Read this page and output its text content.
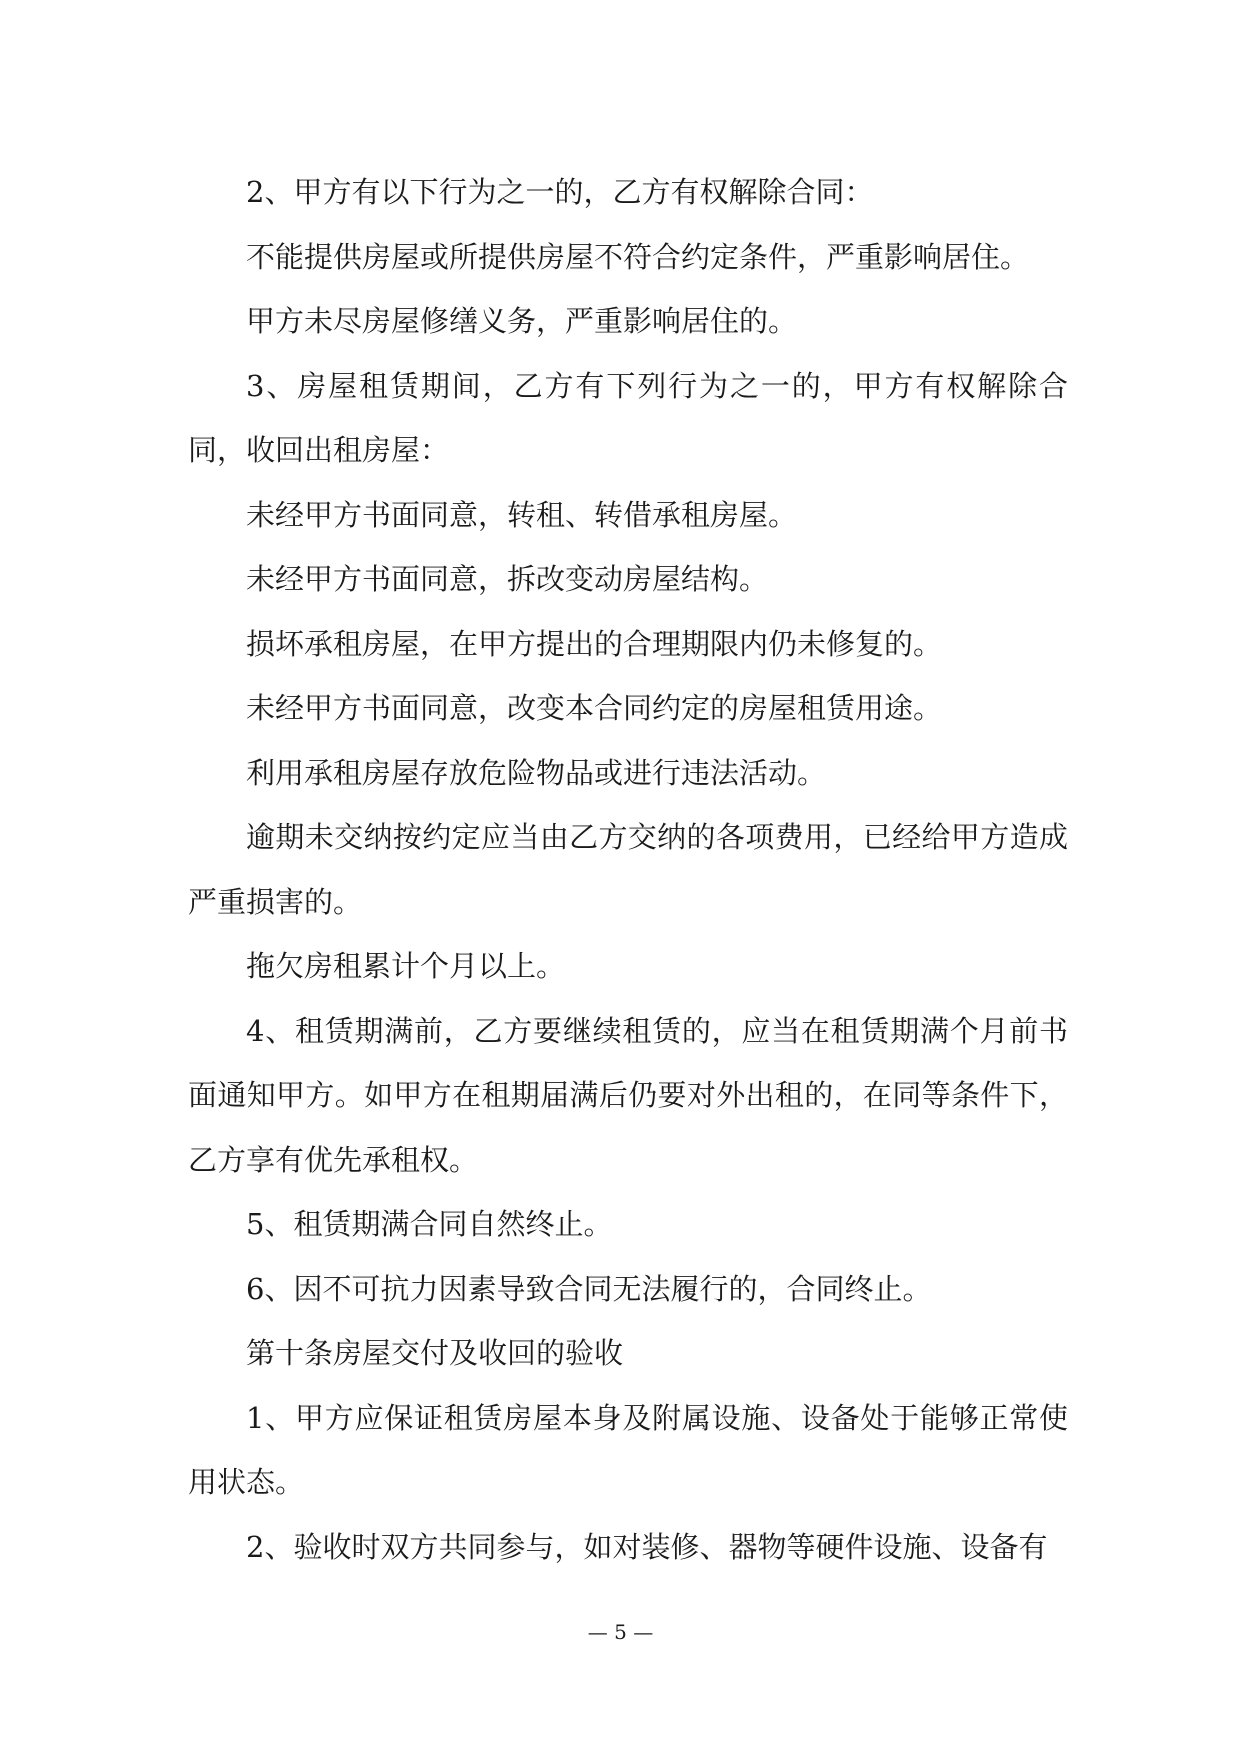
2、甲方有以下行为之一的，乙方有权解除合同：

不能提供房屋或所提供房屋不符合约定条件，严重影响居住。

甲方未尽房屋修缮义务，严重影响居住的。

3、房屋租赁期间，乙方有下列行为之一的，甲方有权解除合同，收回出租房屋：

未经甲方书面同意，转租、转借承租房屋。

未经甲方书面同意，拆改变动房屋结构。

损坏承租房屋，在甲方提出的合理期限内仍未修复的。

未经甲方书面同意，改变本合同约定的房屋租赁用途。

利用承租房屋存放危险物品或进行违法活动。

逾期未交纳按约定应当由乙方交纳的各项费用，已经给甲方造成严重损害的。

拖欠房租累计个月以上。

4、租赁期满前，乙方要继续租赁的，应当在租赁期满个月前书面通知甲方。如甲方在租期届满后仍要对外出租的，在同等条件下，乙方享有优先承租权。

5、租赁期满合同自然终止。

6、因不可抗力因素导致合同无法履行的，合同终止。

第十条房屋交付及收回的验收

1、甲方应保证租赁房屋本身及附属设施、设备处于能够正常使用状态。

2、验收时双方共同参与，如对装修、器物等硬件设施、设备有

— 5 —
